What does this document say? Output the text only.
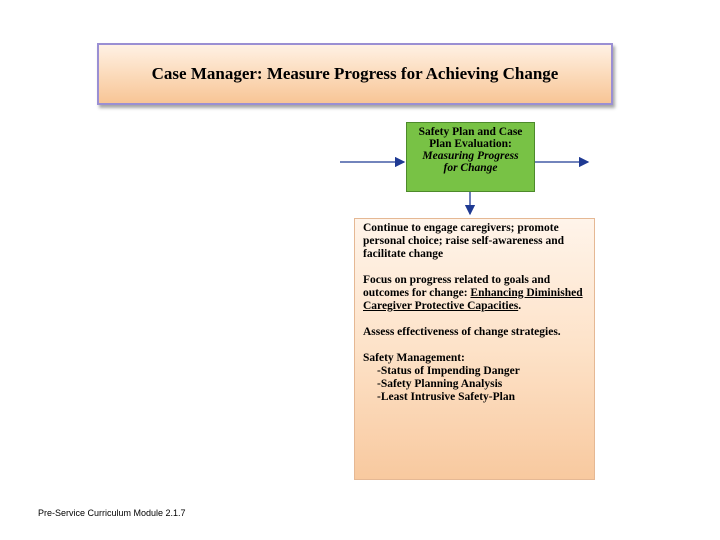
Case Manager: Measure Progress for Achieving Change
Safety Plan and Case
Plan Evaluation:
Measuring Progress
for Change

Continue to engage caregivers; promote personal choice; raise self-awareness and facilitate change

Focus on progress related to goals and outcomes for change: Enhancing Diminished Caregiver Protective Capacities.

Assess effectiveness of change strategies.

Safety Management:
-Status of Impending Danger
-Safety Planning Analysis
-Least Intrusive Safety-Plan
Pre-Service Curriculum Module 2.1.7
